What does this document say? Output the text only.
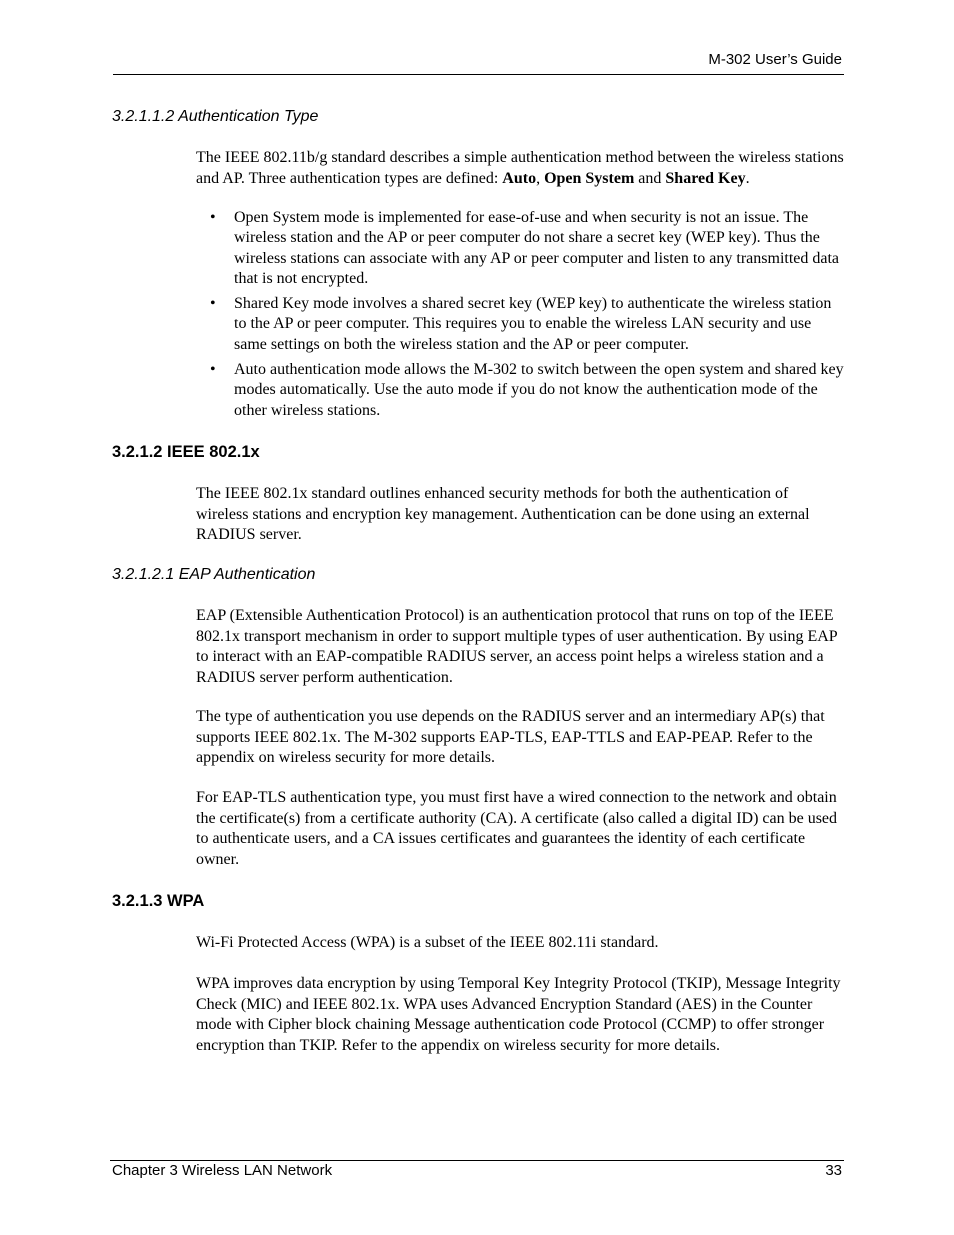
M-302 User’s Guide
3.2.1.1.2 Authentication Type

The IEEE 802.11b/g standard describes a simple authentication method between the wireless stations and AP. Three authentication types are defined: Auto, Open System and Shared Key.

•	Open System mode is implemented for ease-of-use and when security is not an issue. The wireless station and the AP or peer computer do not share a secret key (WEP key). Thus the wireless stations can associate with any AP or peer computer and listen to any transmitted data that is not encrypted.
•	Shared Key mode involves a shared secret key (WEP key) to authenticate the wireless station to the AP or peer computer. This requires you to enable the wireless LAN security and use same settings on both the wireless station and the AP or peer computer.
•	Auto authentication mode allows the M-302 to switch between the open system and shared key modes automatically. Use the auto mode if you do not know the authentication mode of the other wireless stations.
3.2.1.2 IEEE 802.1x

The IEEE 802.1x standard outlines enhanced security methods for both the authentication of wireless stations and encryption key management. Authentication can be done using an external RADIUS server.

3.2.1.2.1 EAP Authentication

EAP (Extensible Authentication Protocol) is an authentication protocol that runs on top of the IEEE 802.1x transport mechanism in order to support multiple types of user authentication. By using EAP to interact with an EAP-compatible RADIUS server, an access point helps a wireless station and a RADIUS server perform authentication.

The type of authentication you use depends on the RADIUS server and an intermediary AP(s) that supports IEEE 802.1x. The M-302 supports EAP-TLS, EAP-TTLS and EAP-PEAP. Refer to the appendix on wireless security for more details.

For EAP-TLS authentication type, you must first have a wired connection to the network and obtain the certificate(s) from a certificate authority (CA). A certificate (also called a digital ID) can be used to authenticate users, and a CA issues certificates and guarantees the identity of each certificate owner.

3.2.1.3 WPA

Wi-Fi Protected Access (WPA) is a subset of the IEEE 802.11i standard.

WPA improves data encryption by using Temporal Key Integrity Protocol (TKIP), Message Integrity Check (MIC) and IEEE 802.1x. WPA uses Advanced Encryption Standard (AES) in the Counter mode with Cipher block chaining Message authentication code Protocol (CCMP) to offer stronger encryption than TKIP. Refer to the appendix on wireless security for more details.

Chapter 3 Wireless LAN Network	33
